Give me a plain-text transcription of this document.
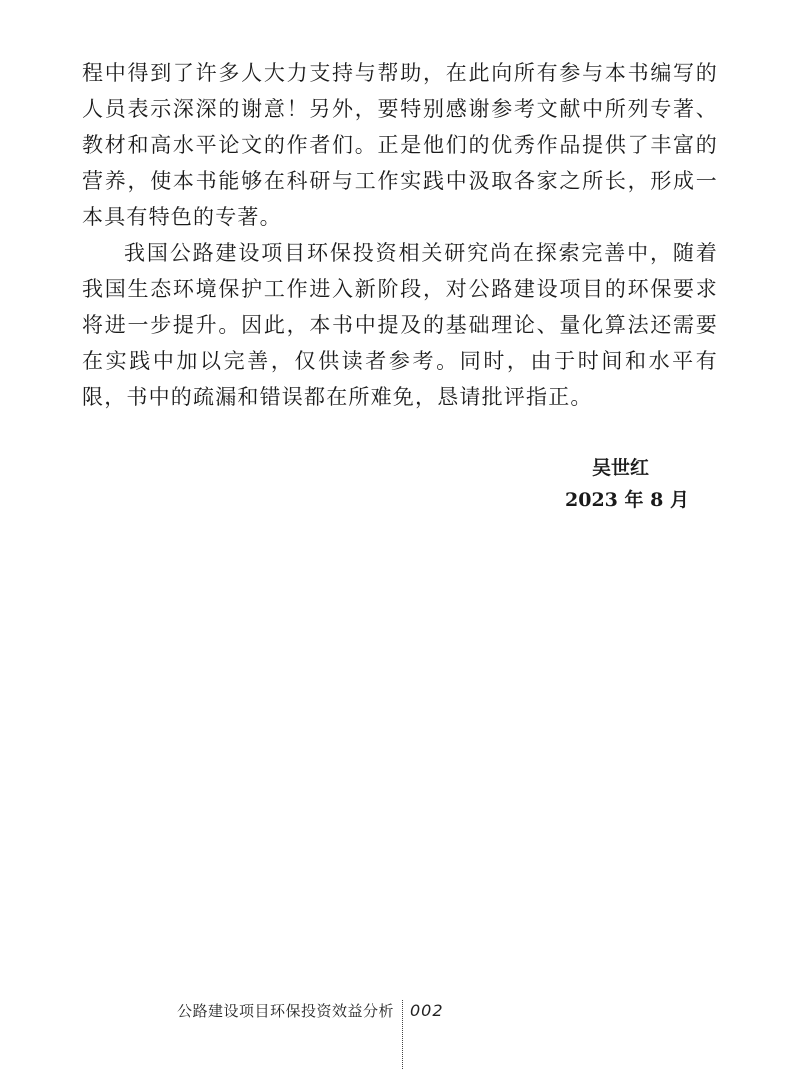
程中得到了许多人大力支持与帮助，在此向所有参与本书编写的人员表示深深的谢意！另外，要特别感谢参考文献中所列专著、教材和高水平论文的作者们。正是他们的优秀作品提供了丰富的营养，使本书能够在科研与工作实践中汲取各家之所长，形成一本具有特色的专著。

我国公路建设项目环保投资相关研究尚在探索完善中，随着我国生态环境保护工作进入新阶段，对公路建设项目的环保要求将进一步提升。因此，本书中提及的基础理论、量化算法还需要在实践中加以完善，仅供读者参考。同时，由于时间和水平有限，书中的疏漏和错误都在所难免，恳请批评指正。

吴世红
2023 年 8 月
公路建设项目环保投资效益分析 002
